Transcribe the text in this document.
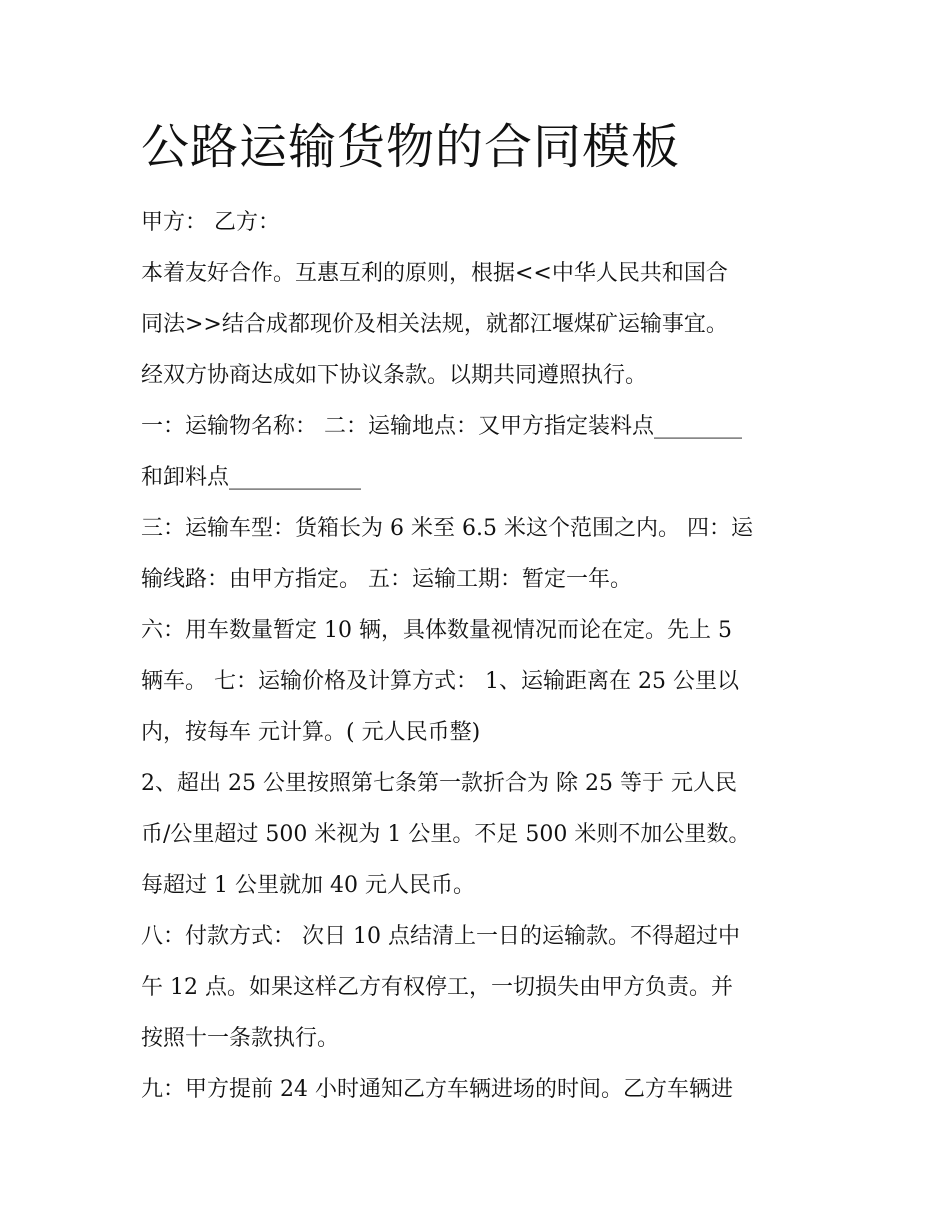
公路运输货物的合同模板
甲方： 乙方：
本着友好合作。互惠互利的原则，根据<<中华人民共和国合
同法>>结合成都现价及相关法规，就都江堰煤矿运输事宜。
经双方协商达成如下协议条款。以期共同遵照执行。
一：运输物名称： 二：运输地点：又甲方指定装料点________
和卸料点____________
三：运输车型：货箱长为 6 米至 6.5 米这个范围之内。 四：运
输线路：由甲方指定。 五：运输工期：暂定一年。
六：用车数量暂定 10 辆，具体数量视情况而论在定。先上 5
辆车。 七：运输价格及计算方式： 1、运输距离在 25 公里以
内，按每车 元计算。( 元人民币整)
2、超出 25 公里按照第七条第一款折合为 除 25 等于 元人民
币/公里超过 500 米视为 1 公里。不足 500 米则不加公里数。
每超过 1 公里就加 40 元人民币。
八：付款方式： 次日 10 点结清上一日的运输款。不得超过中
午 12 点。如果这样乙方有权停工，一切损失由甲方负责。并
按照十一条款执行。
九：甲方提前 24 小时通知乙方车辆进场的时间。乙方车辆进
